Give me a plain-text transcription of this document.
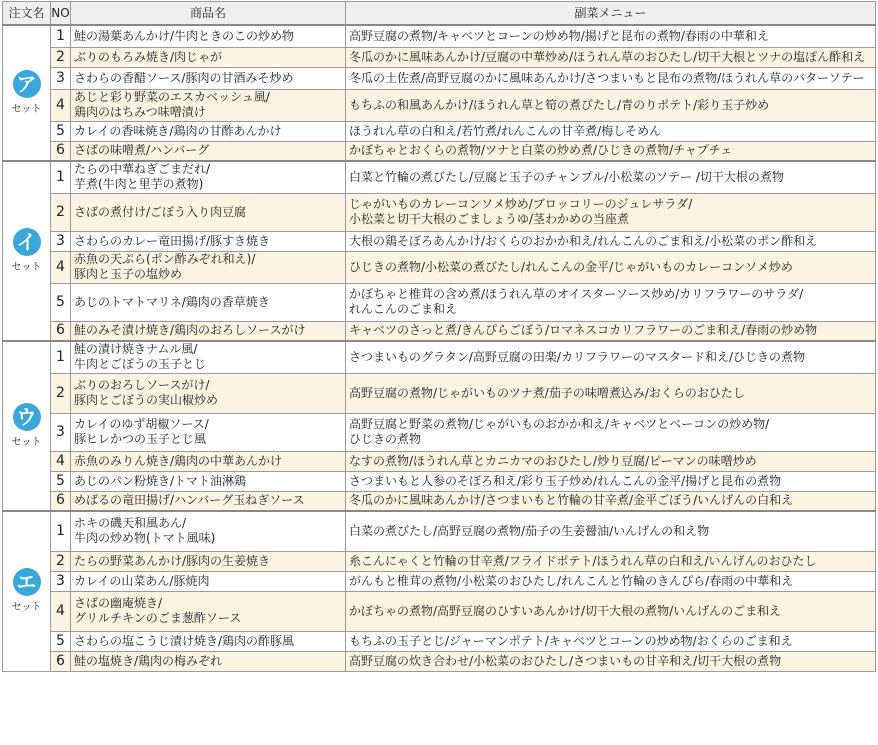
注文名	NO	商品名	副菜メニュー
ア
セット	1	鮭の湯葉あんかけ/牛肉ときのこの炒め物	高野豆腐の煮物/キャベツとコーンの炒め物/揚げと昆布の煮物/春雨の中華和え
	2	ぶりのもろみ焼き/肉じゃが	冬瓜のかに風味あんかけ/豆腐の中華炒め/ほうれん草のおひたし/切干大根とツナの塩ぽん酢和え
	3	さわらの香醋ソース/豚肉の甘酒みそ炒め	冬瓜の土佐煮/高野豆腐のかに風味あんかけ/さつまいもと昆布の煮物/ほうれん草のバターソテー
	4	あじと彩り野菜のエスカベッシュ風/
鶏肉のはちみつ味噌漬け	もちふの和風あんかけ/ほうれん草と筍の煮びたし/青のりポテト/彩り玉子炒め
	5	カレイの香味焼き/鶏肉の甘酢あんかけ	ほうれん草の白和え/若竹煮/れんこんの甘辛煮/梅しそめん
	6	さばの味噌煮/ハンバーグ	かぼちゃとおくらの煮物/ツナと白菜の炒め煮/ひじきの煮物/チャプチェ
イ
セット	1	たらの中華ねぎごまだれ/
芋煮(牛肉と里芋の煮物)	白菜と竹輪の煮びたし/豆腐と玉子のチャンプル/小松菜のソテー /切干大根の煮物
	2	さばの煮付け/ごぼう入り肉豆腐	じゃがいものカレーコンソメ炒め/ブロッコリーのジュレサラダ/
小松菜と切干大根のごましょうゆ/茎わかめの当座煮
	3	さわらのカレー竜田揚げ/豚すき焼き	大根の鶏そぼろあんかけ/おくらのおかか和え/れんこんのごま和え/小松菜のポン酢和え
	4	赤魚の天ぷら(ポン酢みぞれ和え)/
豚肉と玉子の塩炒め	ひじきの煮物/小松菜の煮びたし/れんこんの金平/じゃがいものカレーコンソメ炒め
	5	あじのトマトマリネ/鶏肉の香草焼き	かぼちゃと椎茸の含め煮/ほうれん草のオイスターソース炒め/カリフラワーのサラダ/
れんこんのごま和え
	6	鮭のみそ漬け焼き/鶏肉のおろしソースがけ	キャベツのさっと煮/きんぴらごぼう/ロマネスコカリフラワーのごま和え/春雨の炒め物
ウ
セット	1	鮭の漬け焼きナムル風/
牛肉とごぼうの玉子とじ	さつまいものグラタン/高野豆腐の田楽/カリフラワーのマスタード和え/ひじきの煮物
	2	ぶりのおろしソースがけ/
豚肉とごぼうの実山椒炒め	高野豆腐の煮物/じゃがいものツナ煮/茄子の味噌煮込み/おくらのおひたし
	3	カレイのゆず胡椒ソース/
豚ヒレかつの玉子とじ風	高野豆腐と野菜の煮物/じゃがいものおかか和え/キャベツとベーコンの炒め物/
ひじきの煮物
	4	赤魚のみりん焼き/鶏肉の中華あんかけ	なすの煮物/ほうれん草とカニカマのおひたし/炒り豆腐/ピーマンの味噌炒め
	5	あじのパン粉焼き/トマト油淋鶏	さつまいもと人参のそぼろ和え/彩り玉子炒め/れんこんの金平/揚げと昆布の煮物
	6	めばるの竜田揚げ/ハンバーグ玉ねぎソース	冬瓜のかに風味あんかけ/さつまいもと竹輪の甘辛煮/金平ごぼう/いんげんの白和え
エ
セット	1	ホキの磯天和風あん/
牛肉の炒め物(トマト風味)	白菜の煮びたし/高野豆腐の煮物/茄子の生姜醤油/いんげんの和え物
	2	たらの野菜あんかけ/豚肉の生姜焼き	糸こんにゃくと竹輪の甘辛煮/フライドポテト/ほうれん草の白和え/いんげんのおひたし
	3	カレイの山菜あん/豚焼肉	がんもと椎茸の煮物/小松菜のおひたし/れんこんと竹輪のきんぴら/春雨の中華和え
	4	さばの幽庵焼き/
グリルチキンのごま葱酢ソース	かぼちゃの煮物/高野豆腐のひすいあんかけ/切干大根の煮物/いんげんのごま和え
	5	さわらの塩こうじ漬け焼き/鶏肉の酢豚風	もちふの玉子とじ/ジャーマンポテト/キャベツとコーンの炒め物/おくらのごま和え
	6	鮭の塩焼き/鶏肉の梅みぞれ	高野豆腐の炊き合わせ/小松菜のおひたし/さつまいもの甘辛和え/切干大根の煮物
